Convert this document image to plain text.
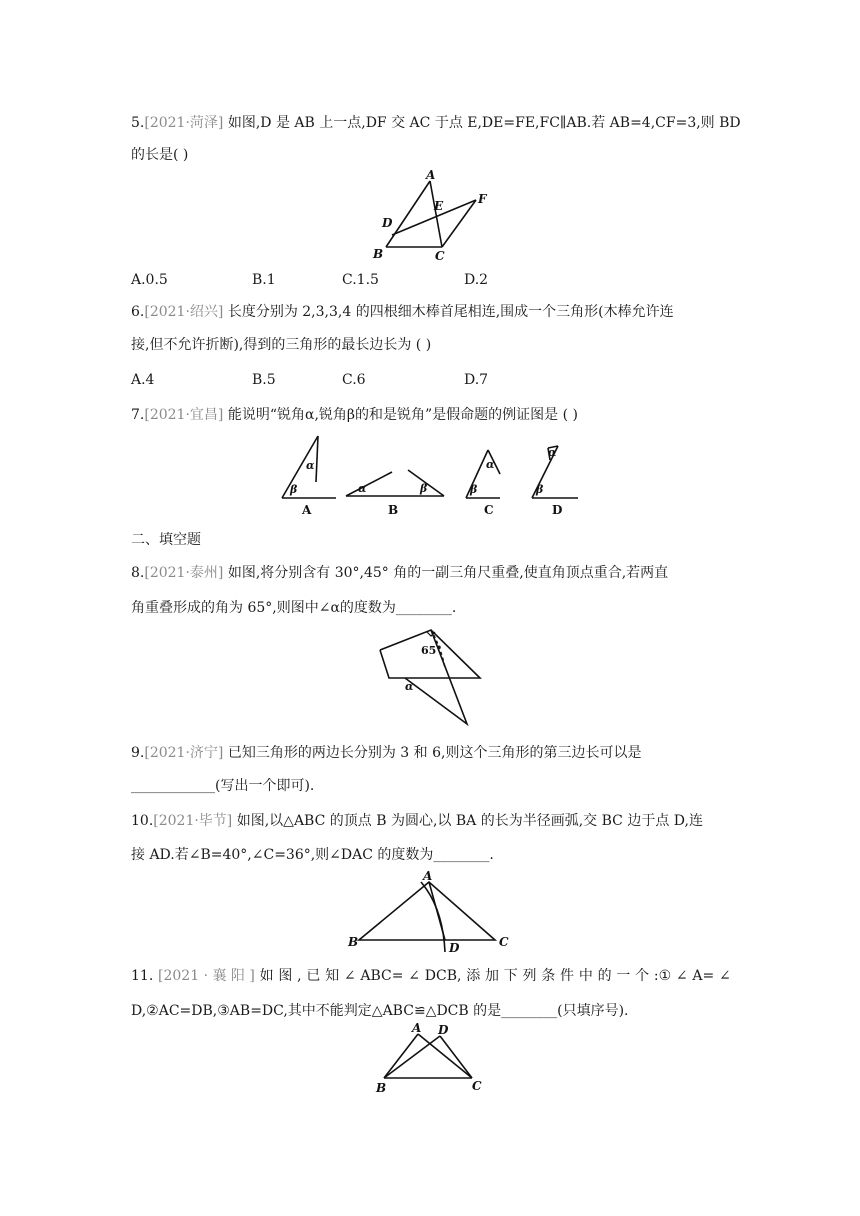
5.[2021·菏泽] 如图,D 是 AB 上一点,DF 交 AC 于点 E,DE=FE,FC∥AB.若 AB=4,CF=3,则 BD
的长是( )
A
B	C
D
E	F
A.0.5	B.1	C.1.5	D.2
6.[2021·绍兴] 长度分别为 2,3,3,4 的四根细木棒首尾相连,围成一个三角形(木棒允许连
接,但不允许折断),得到的三角形的最长边长为 ( )
A.4	B.5	C.6	D.7
7.[2021·宜昌] 能说明“锐角α,锐角β的和是锐角”是假命题的例证图是 ( )
α
β
A
α	β
B
α
β
C
α
β
D
二、填空题
8.[2021·泰州] 如图,将分别含有 30°,45° 角的一副三角尺重叠,使直角顶点重合,若两直
角重叠形成的角为 65°,则图中∠α的度数为________.
65°
α
9.[2021·济宁] 已知三角形的两边长分别为 3 和 6,则这个三角形的第三边长可以是
____________(写出一个即可).
10.[2021·毕节] 如图,以△ABC 的顶点 B 为圆心,以 BA 的长为半径画弧,交 BC 边于点 D,连
接 AD.若∠B=40°,∠C=36°,则∠DAC 的度数为________.
A
B	C
D
11. [2021 · 襄 阳 ] 如 图 , 已 知 ∠ ABC= ∠ DCB, 添 加 下 列 条 件 中 的 一 个 :① ∠ A= ∠
D,②AC=DB,③AB=DC,其中不能判定△ABC≌△DCB 的是________(只填序号).
A D
B	C
